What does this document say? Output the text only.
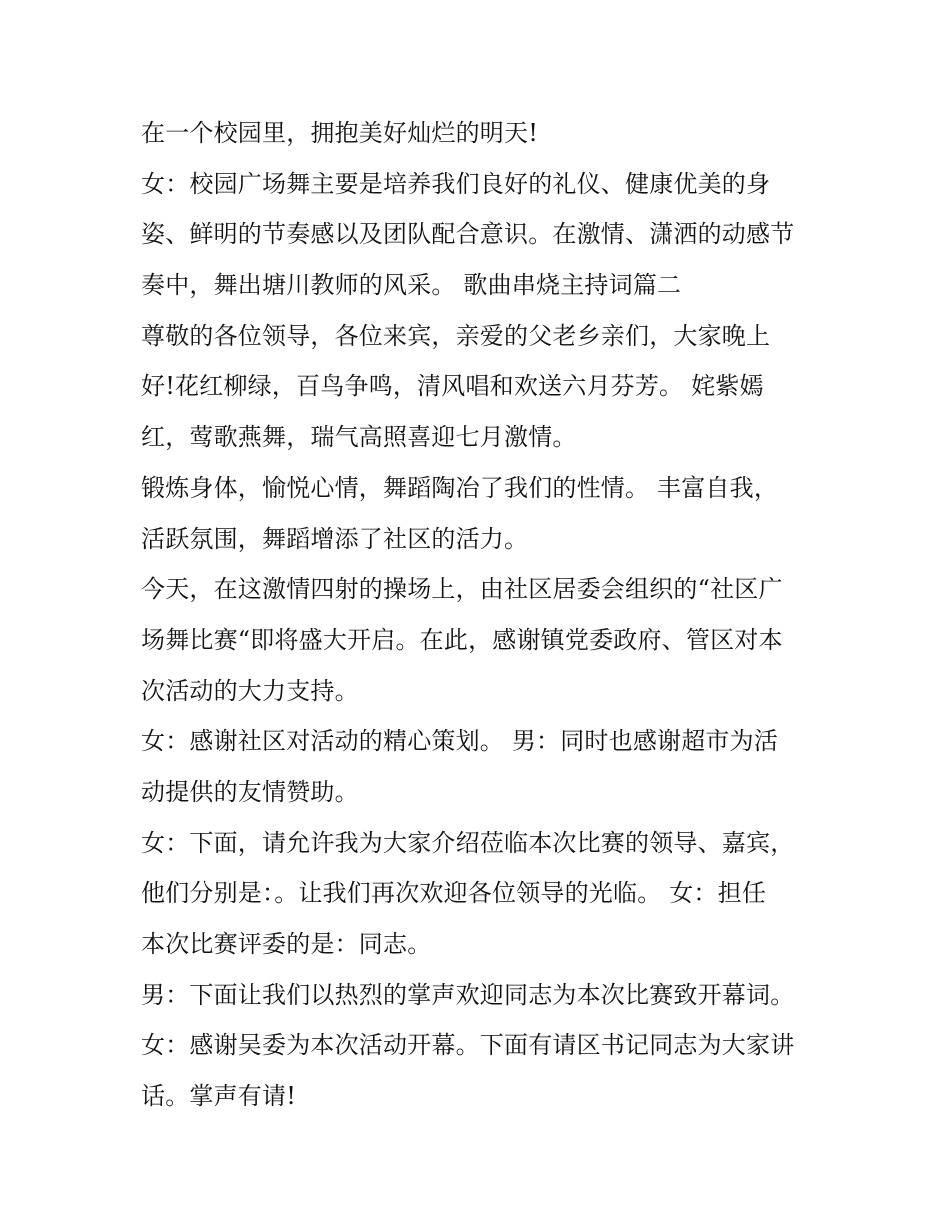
在一个校园里，拥抱美好灿烂的明天!
女：校园广场舞主要是培养我们良好的礼仪、健康优美的身
姿、鲜明的节奏感以及团队配合意识。在激情、潇洒的动感节
奏中，舞出塘川教师的风采。 歌曲串烧主持词篇二
尊敬的各位领导，各位来宾，亲爱的父老乡亲们，大家晚上
好!花红柳绿，百鸟争鸣，清风唱和欢送六月芬芳。 姹紫嫣
红，莺歌燕舞，瑞气高照喜迎七月激情。
锻炼身体，愉悦心情，舞蹈陶冶了我们的性情。 丰富自我，
活跃氛围，舞蹈增添了社区的活力。
今天，在这激情四射的操场上，由社区居委会组织的“社区广
场舞比赛“即将盛大开启。在此，感谢镇党委政府、管区对本
次活动的大力支持。
女：感谢社区对活动的精心策划。 男：同时也感谢超市为活
动提供的友情赞助。
女：下面，请允许我为大家介绍莅临本次比赛的领导、嘉宾，
他们分别是：。让我们再次欢迎各位领导的光临。 女：担任
本次比赛评委的是：同志。
男：下面让我们以热烈的掌声欢迎同志为本次比赛致开幕词。
女：感谢吴委为本次活动开幕。下面有请区书记同志为大家讲
话。掌声有请!
